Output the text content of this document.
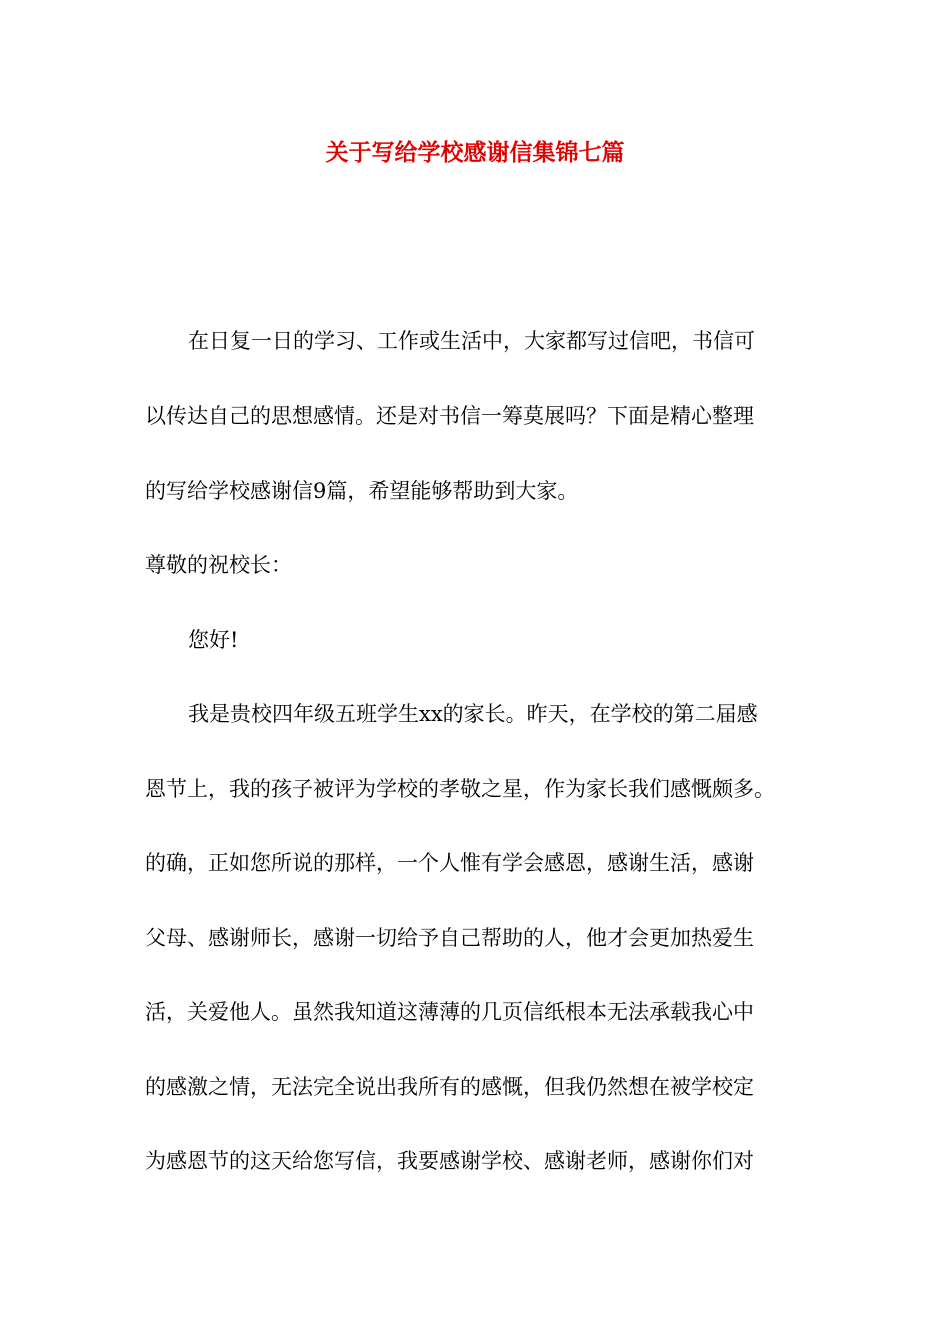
关于写给学校感谢信集锦七篇

在日复一日的学习、工作或生活中，大家都写过信吧，书信可

以传达自己的思想感情。还是对书信一筹莫展吗？下面是精心整理

的写给学校感谢信9篇，希望能够帮助到大家。

尊敬的祝校长：

您好!

我是贵校四年级五班学生xx的家长。昨天，在学校的第二届感

恩节上，我的孩子被评为学校的孝敬之星，作为家长我们感慨颇多。

的确，正如您所说的那样，一个人惟有学会感恩，感谢生活，感谢

父母、感谢师长，感谢一切给予自己帮助的人，他才会更加热爱生

活，关爱他人。虽然我知道这薄薄的几页信纸根本无法承载我心中

的感激之情，无法完全说出我所有的感慨，但我仍然想在被学校定

为感恩节的这天给您写信，我要感谢学校、感谢老师，感谢你们对
